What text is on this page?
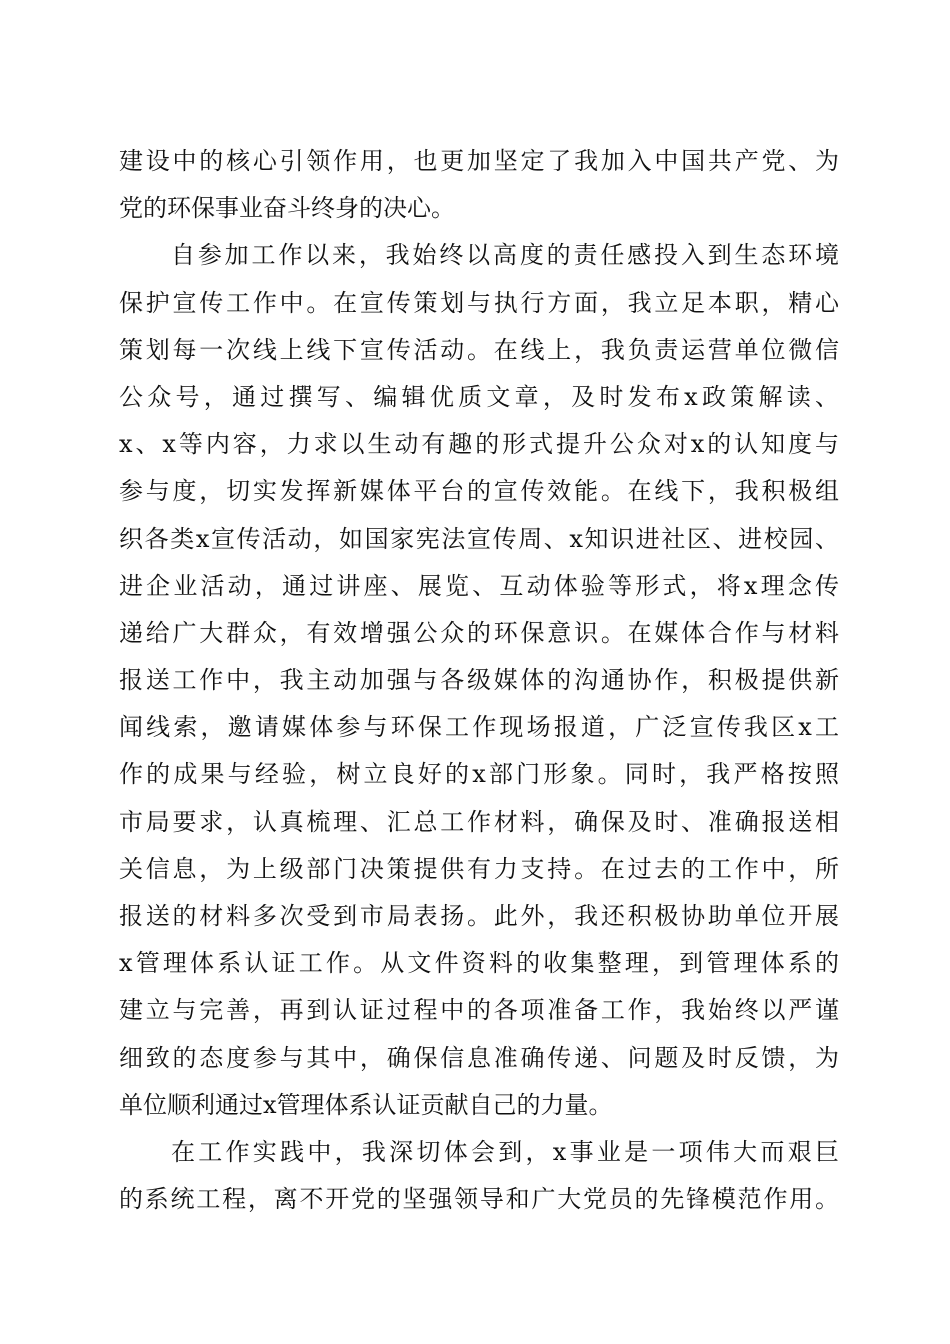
建设中的核心引领作用，也更加坚定了我加入中国共产党、为
党的环保事业奋斗终身的决心。
自参加工作以来，我始终以高度的责任感投入到生态环境
保护宣传工作中。在宣传策划与执行方面，我立足本职，精心
策划每一次线上线下宣传活动。在线上，我负责运营单位微信
公众号，通过撰写、编辑优质文章，及时发布x政策解读、
x、x等内容，力求以生动有趣的形式提升公众对x的认知度与
参与度，切实发挥新媒体平台的宣传效能。在线下，我积极组
织各类x宣传活动，如国家宪法宣传周、x知识进社区、进校园、
进企业活动，通过讲座、展览、互动体验等形式，将x理念传
递给广大群众，有效增强公众的环保意识。在媒体合作与材料
报送工作中，我主动加强与各级媒体的沟通协作，积极提供新
闻线索，邀请媒体参与环保工作现场报道，广泛宣传我区x工
作的成果与经验，树立良好的x部门形象。同时，我严格按照
市局要求，认真梳理、汇总工作材料，确保及时、准确报送相
关信息，为上级部门决策提供有力支持。在过去的工作中，所
报送的材料多次受到市局表扬。此外，我还积极协助单位开展
x管理体系认证工作。从文件资料的收集整理，到管理体系的
建立与完善，再到认证过程中的各项准备工作，我始终以严谨
细致的态度参与其中，确保信息准确传递、问题及时反馈，为
单位顺利通过x管理体系认证贡献自己的力量。
在工作实践中，我深切体会到，x事业是一项伟大而艰巨
的系统工程，离不开党的坚强领导和广大党员的先锋模范作用。
